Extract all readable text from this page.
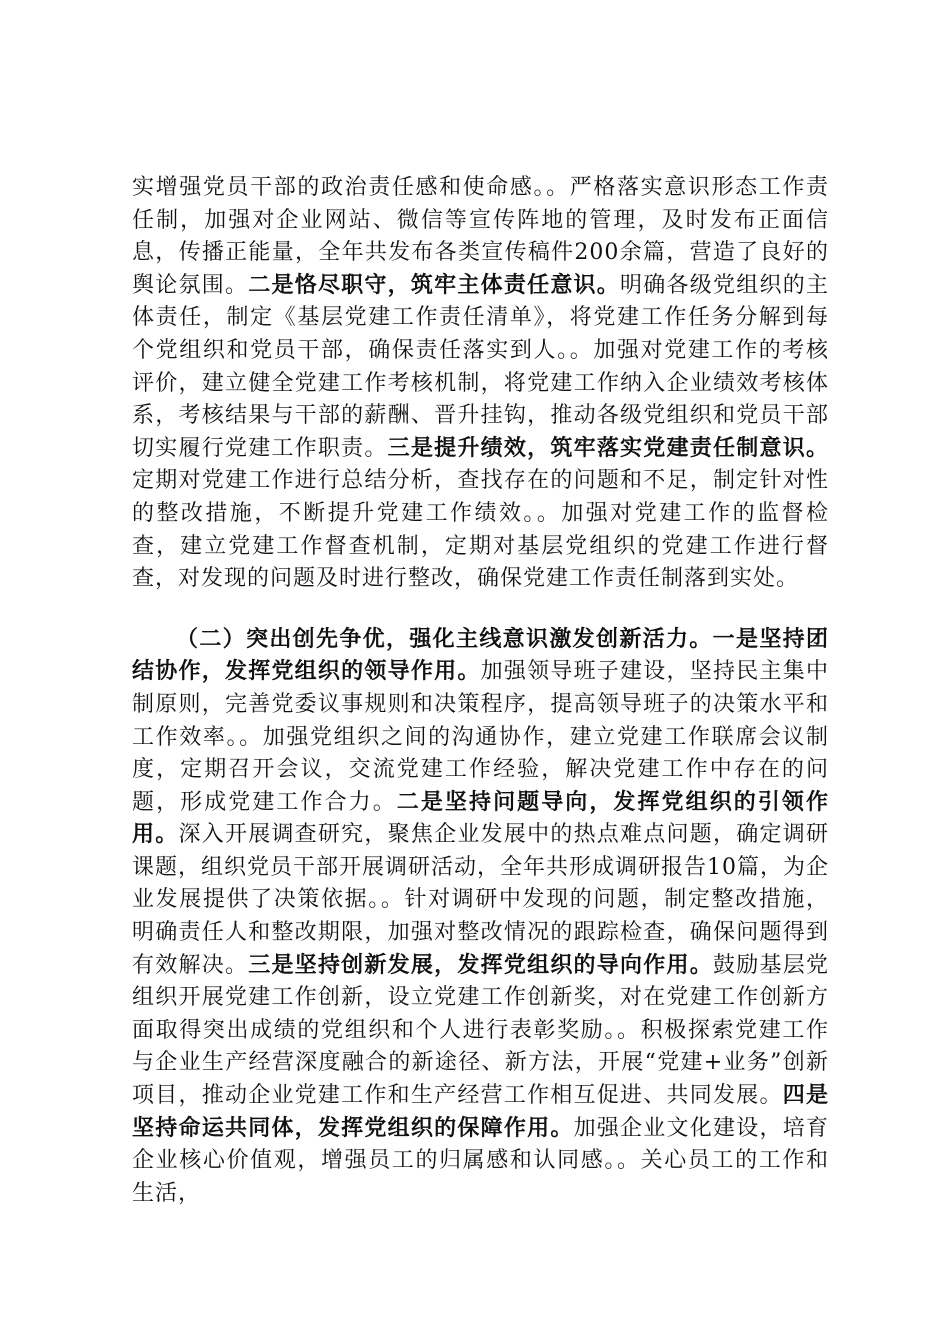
实增强党员干部的政治责任感和使命感。。严格落实意识形态工作责任制，加强对企业网站、微信等宣传阵地的管理，及时发布正面信息，传播正能量，全年共发布各类宣传稿件200余篇，营造了良好的舆论氛围。二是恪尽职守，筑牢主体责任意识。明确各级党组织的主体责任，制定《基层党建工作责任清单》，将党建工作任务分解到每个党组织和党员干部，确保责任落实到人。。加强对党建工作的考核评价，建立健全党建工作考核机制，将党建工作纳入企业绩效考核体系，考核结果与干部的薪酬、晋升挂钩，推动各级党组织和党员干部切实履行党建工作职责。三是提升绩效，筑牢落实党建责任制意识。定期对党建工作进行总结分析，查找存在的问题和不足，制定针对性的整改措施，不断提升党建工作绩效。。加强对党建工作的监督检查，建立党建工作督查机制，定期对基层党组织的党建工作进行督查，对发现的问题及时进行整改，确保党建工作责任制落到实处。

（二）突出创先争优，强化主线意识激发创新活力。一是坚持团结协作，发挥党组织的领导作用。加强领导班子建设，坚持民主集中制原则，完善党委议事规则和决策程序，提高领导班子的决策水平和工作效率。。加强党组织之间的沟通协作，建立党建工作联席会议制度，定期召开会议，交流党建工作经验，解决党建工作中存在的问题，形成党建工作合力。二是坚持问题导向，发挥党组织的引领作用。深入开展调查研究，聚焦企业发展中的热点难点问题，确定调研课题，组织党员干部开展调研活动，全年共形成调研报告10篇，为企业发展提供了决策依据。。针对调研中发现的问题，制定整改措施，明确责任人和整改期限，加强对整改情况的跟踪检查，确保问题得到有效解决。三是坚持创新发展，发挥党组织的导向作用。鼓励基层党组织开展党建工作创新，设立党建工作创新奖，对在党建工作创新方面取得突出成绩的党组织和个人进行表彰奖励。。积极探索党建工作与企业生产经营深度融合的新途径、新方法，开展“党建+业务”创新项目，推动企业党建工作和生产经营工作相互促进、共同发展。四是坚持命运共同体，发挥党组织的保障作用。加强企业文化建设，培育企业核心价值观，增强员工的归属感和认同感。。关心员工的工作和生活，
